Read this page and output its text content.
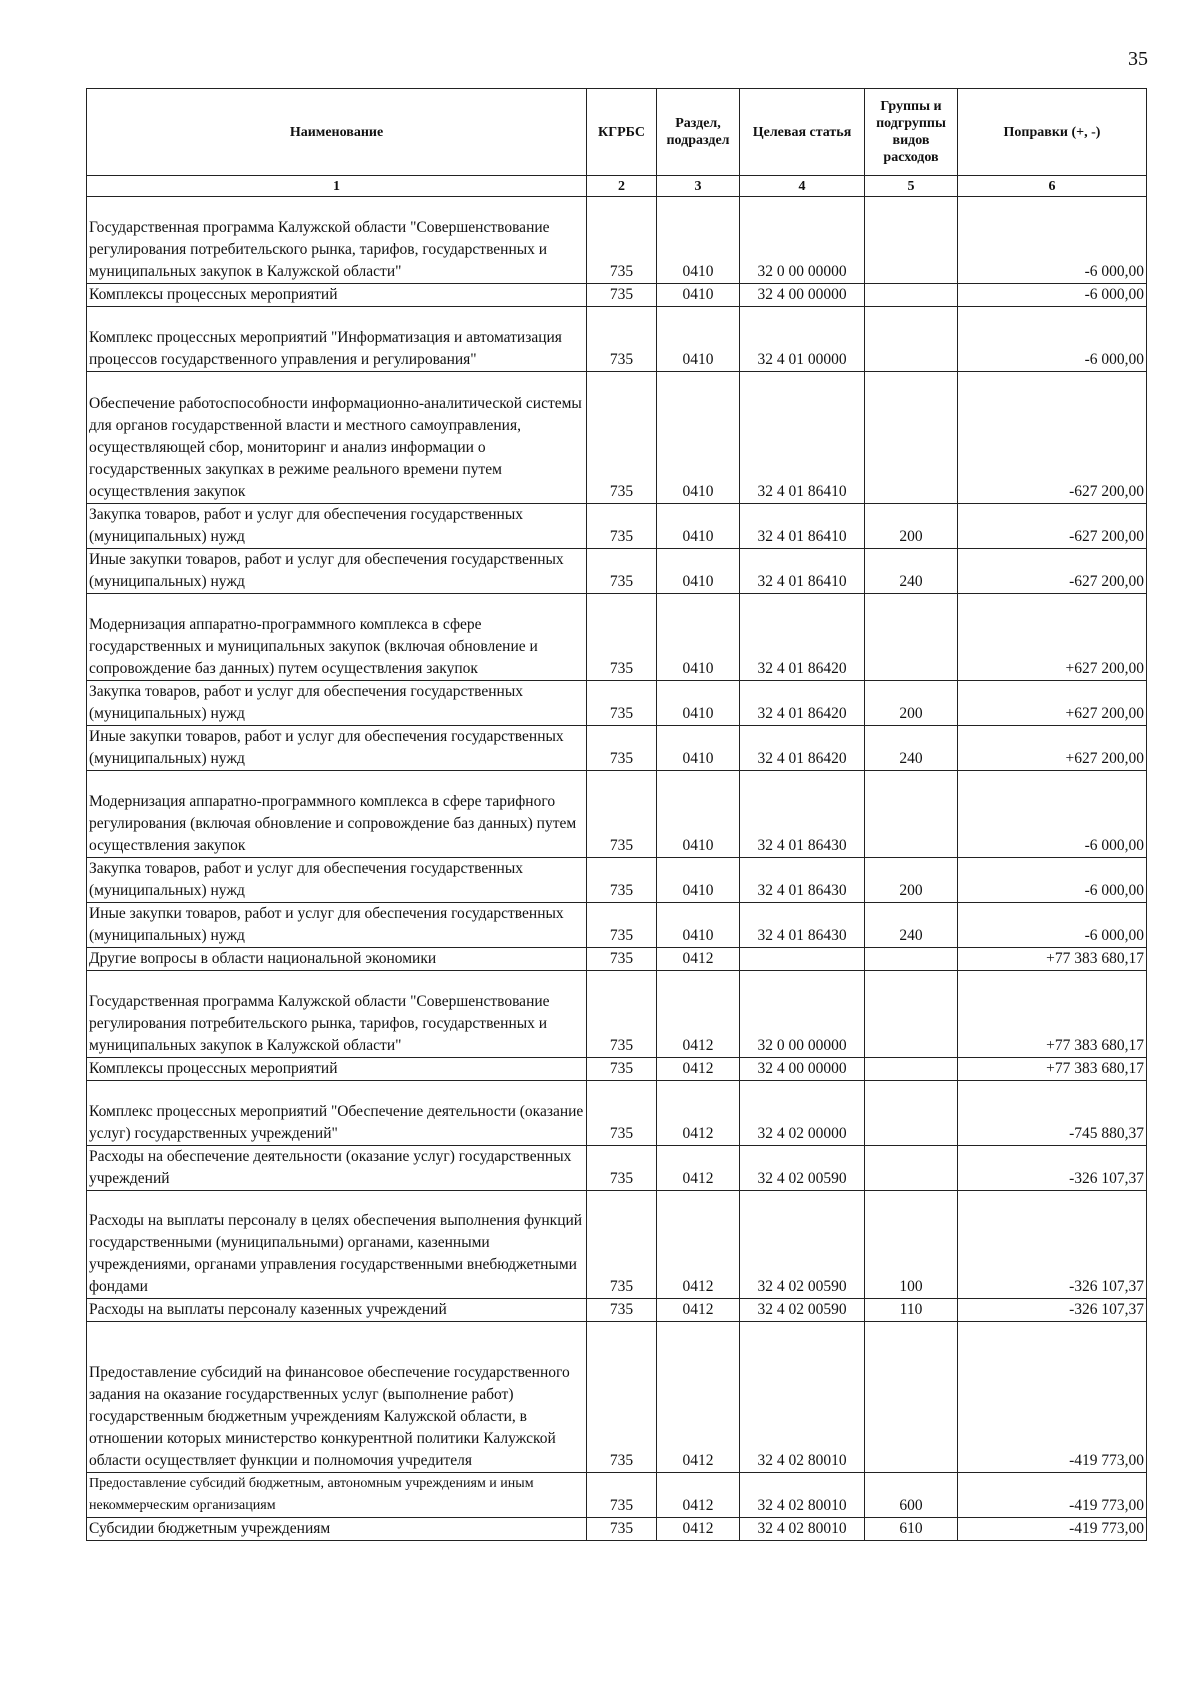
35
Наименование	КГРБС	Раздел, подраздел	Целевая статья	Группы и подгруппы видов расходов	Поправки (+, -)
1	2	3	4	5	6
Государственная программа Калужской области "Совершенствование регулирования потребительского рынка, тарифов, государственных и муниципальных закупок в Калужской области"	735	0410	32 0 00 00000		-6 000,00
Комплексы процессных мероприятий	735	0410	32 4 00 00000		-6 000,00
Комплекс процессных мероприятий "Информатизация и автоматизация процессов государственного управления и регулирования"	735	0410	32 4 01 00000		-6 000,00
Обеспечение работоспособности информационно-аналитической системы для органов государственной власти и местного самоуправления, осуществляющей сбор, мониторинг и анализ информации о государственных закупках в режиме реального времени путем осуществления закупок	735	0410	32 4 01 86410		-627 200,00
Закупка товаров, работ и услуг для обеспечения государственных (муниципальных) нужд	735	0410	32 4 01 86410	200	-627 200,00
Иные закупки товаров, работ и услуг для обеспечения государственных (муниципальных) нужд	735	0410	32 4 01 86410	240	-627 200,00
Модернизация аппаратно-программного комплекса в сфере государственных и муниципальных закупок (включая обновление и сопровождение баз данных) путем осуществления закупок	735	0410	32 4 01 86420		+627 200,00
Закупка товаров, работ и услуг для обеспечения государственных (муниципальных) нужд	735	0410	32 4 01 86420	200	+627 200,00
Иные закупки товаров, работ и услуг для обеспечения государственных (муниципальных) нужд	735	0410	32 4 01 86420	240	+627 200,00
Модернизация аппаратно-программного комплекса в сфере тарифного регулирования (включая обновление и сопровождение баз данных) путем осуществления закупок	735	0410	32 4 01 86430		-6 000,00
Закупка товаров, работ и услуг для обеспечения государственных (муниципальных) нужд	735	0410	32 4 01 86430	200	-6 000,00
Иные закупки товаров, работ и услуг для обеспечения государственных (муниципальных) нужд	735	0410	32 4 01 86430	240	-6 000,00
Другие вопросы в области национальной экономики	735	0412			+77 383 680,17
Государственная программа Калужской области "Совершенствование регулирования потребительского рынка, тарифов, государственных и муниципальных закупок в Калужской области"	735	0412	32 0 00 00000		+77 383 680,17
Комплексы процессных мероприятий	735	0412	32 4 00 00000		+77 383 680,17
Комплекс процессных мероприятий "Обеспечение деятельности (оказание услуг) государственных учреждений"	735	0412	32 4 02 00000		-745 880,37
Расходы на обеспечение деятельности (оказание услуг) государственных учреждений	735	0412	32 4 02 00590		-326 107,37
Расходы на выплаты персоналу в целях обеспечения выполнения функций государственными (муниципальными) органами, казенными учреждениями, органами управления государственными внебюджетными фондами	735	0412	32 4 02 00590	100	-326 107,37
Расходы на выплаты персоналу казенных учреждений	735	0412	32 4 02 00590	110	-326 107,37
Предоставление субсидий на финансовое обеспечение государственного задания на оказание государственных услуг (выполнение работ) государственным бюджетным учреждениям Калужской области, в отношении которых министерство конкурентной политики Калужской области осуществляет функции и полномочия учредителя	735	0412	32 4 02 80010		-419 773,00
Предоставление субсидий бюджетным, автономным учреждениям и иным некоммерческим организациям	735	0412	32 4 02 80010	600	-419 773,00
Субсидии бюджетным учреждениям	735	0412	32 4 02 80010	610	-419 773,00
